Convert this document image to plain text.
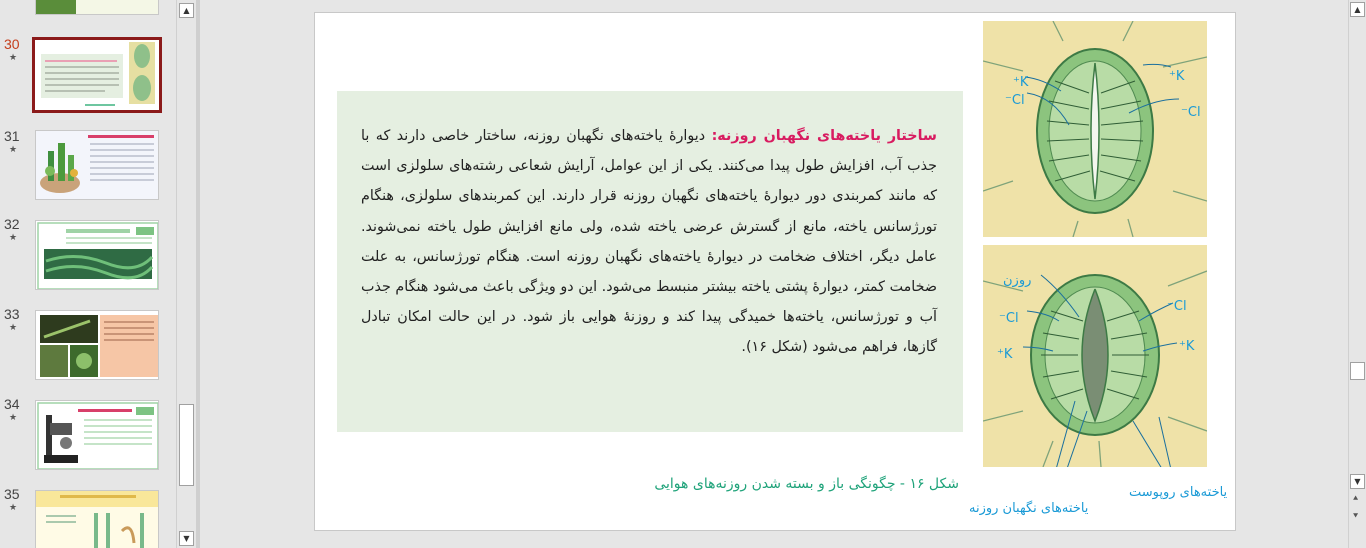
30
★
31
★
32
★
33
★
34
★
35
★
▲
▼

ساختار یاخته‌های نگهبان روزنه: دیوارهٔ یاخته‌های نگهبان روزنه، ساختار خاصی دارند که با جذب آب، افزایش طول پیدا می‌کنند. یکی از این عوامل، آرایش شعاعی رشته‌های سلولزی است که مانند کمربندی دور دیوارهٔ یاخته‌های نگهبان روزنه قرار دارند. این کمربندهای سلولزی، هنگام تورژسانس یاخته، مانع از گسترش عرضی یاخته شده، ولی مانع افزایش طول یاخته نمی‌شوند. عامل دیگر، اختلاف ضخامت در دیوارهٔ یاخته‌های نگهبان روزنه است. هنگام تورژسانس، به علت ضخامت کمتر، دیوارهٔ پشتی یاخته بیشتر منبسط می‌شود. این دو ویژگی باعث می‌شود هنگام جذب آب و تورژسانس، یاخته‌ها خمیدگی پیدا کند و روزنهٔ هوایی باز شود. در این حالت امکان تبادل گازها، فراهم می‌شود (شکل ۱۶).

K⁺
Cl⁻
K⁺
Cl⁻
روزن
Cl⁻
Cl⁻
K⁺
K⁺
شکل ۱۶ - چگونگی باز و بسته شدن روزنه‌های هوایی
یاخته‌های نگهبان روزنه
یاخته‌های روپوست
▲
▼
⯅
⯆
